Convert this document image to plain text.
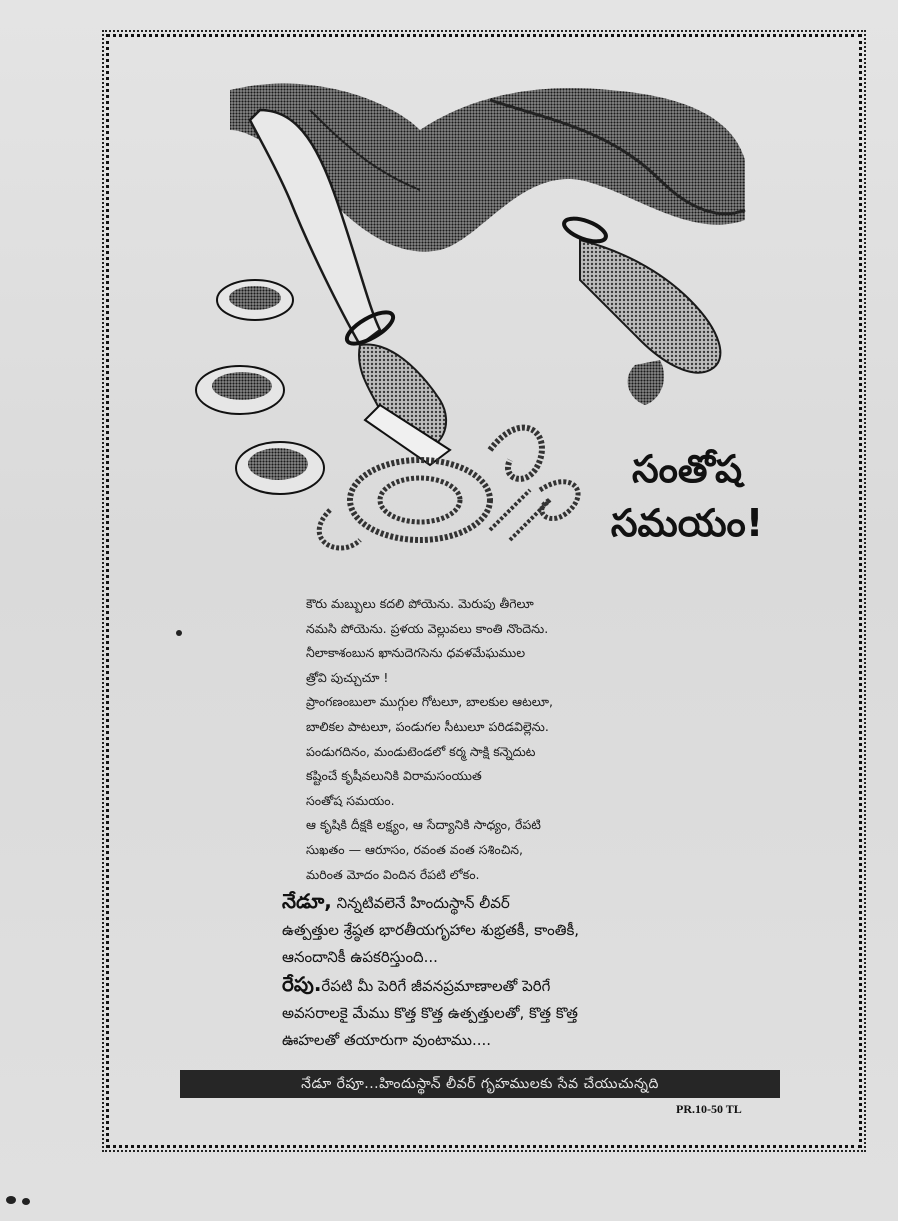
సంతోష
సమయం!
కౌరు మబ్బులు కదలి పోయెను. మెరుపు తీగెలూ
నమసి పోయెను. ప్రళయ వెల్లువలు కాంతి నొందెను.
నీలాకాశంబున ఖానుదెగసెను ధవళమేఘముల
త్రోవి పుచ్చుచూ !
ప్రాంగణంబులా ముగ్గుల గోటలూ, బాలకుల ఆటలూ,
బాలికల పాటలూ, పండుగల సీటులూ పరిడవిల్లెను.
పండుగదినం, మండుటెండలో కర్మ సాక్షి కన్నెదుట
కష్టించే కృషీవలునికి విరామసంయుత
సంతోష సమయం.
ఆ కృషికి దీక్షకి లక్ష్యం, ఆ సేద్యానికి సాధ్యం, రేపటి
సుఖతం — ఆరూసం, రవంత వంత సశించిన,
మరింత మోదం విందిన రేపటి లోకం.
నేడూ, నిన్నటివలెనే హిందుస్థాన్ లీవర్
ఉత్పత్తుల శ్రేష్ఠత భారతీయగృహాల శుభ్రతకీ, కాంతికీ,
ఆనందానికీ ఉపకరిస్తుంది...
రేపు.రేపటి మీ పెరిగే జీవనప్రమాణాలతో పెరిగే
అవసరాలకై మేము కొత్త కొత్త ఉత్పత్తులతో, కొత్త కొత్త
ఊహలతో తయారుగా వుంటాము....
నేడూ రేపూ...హిందుస్థాన్ లీవర్ గృహములకు సేవ చేయుచున్నది
PR.10-50 TL
